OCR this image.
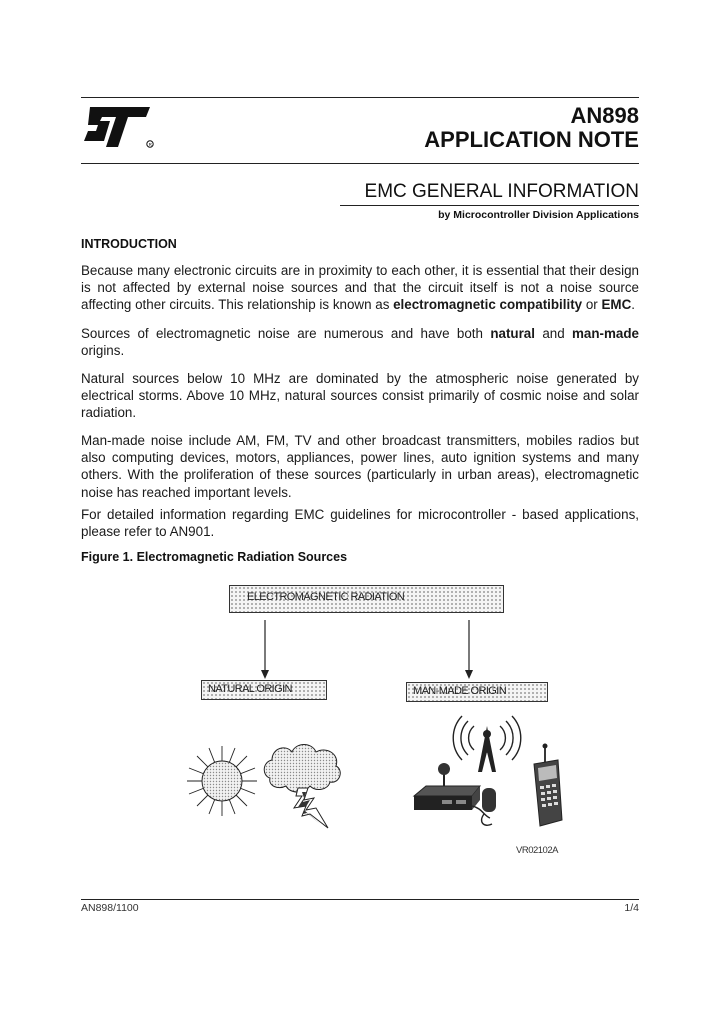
R
AN898
APPLICATION NOTE
EMC GENERAL INFORMATION
by Microcontroller Division Applications
INTRODUCTION
Because many electronic circuits are in proximity to each other, it is essential that their design is not affected by external noise sources and that the circuit itself is not a noise source affecting other circuits. This relationship is known as electromagnetic compatibility or EMC.
Sources of electromagnetic noise are numerous and have both natural and man-made origins.
Natural sources below 10 MHz are dominated by the atmospheric noise generated by electrical storms. Above 10 MHz, natural sources consist primarily of cosmic noise and solar radiation.
Man-made noise include AM, FM, TV and other broadcast transmitters, mobiles radios but also computing devices, motors, appliances, power lines, auto ignition systems and many others. With the proliferation of these sources (particularly in urban areas), electromagnetic noise has reached important levels.
For detailed information regarding EMC guidelines for microcontroller - based applications, please refer to AN901.
Figure 1. Electromagnetic Radiation Sources
ELECTROMAGNETIC RADIATION
NATURAL ORIGIN	MAN-MADE ORIGIN
VR02102A
AN898/1100	1/4
